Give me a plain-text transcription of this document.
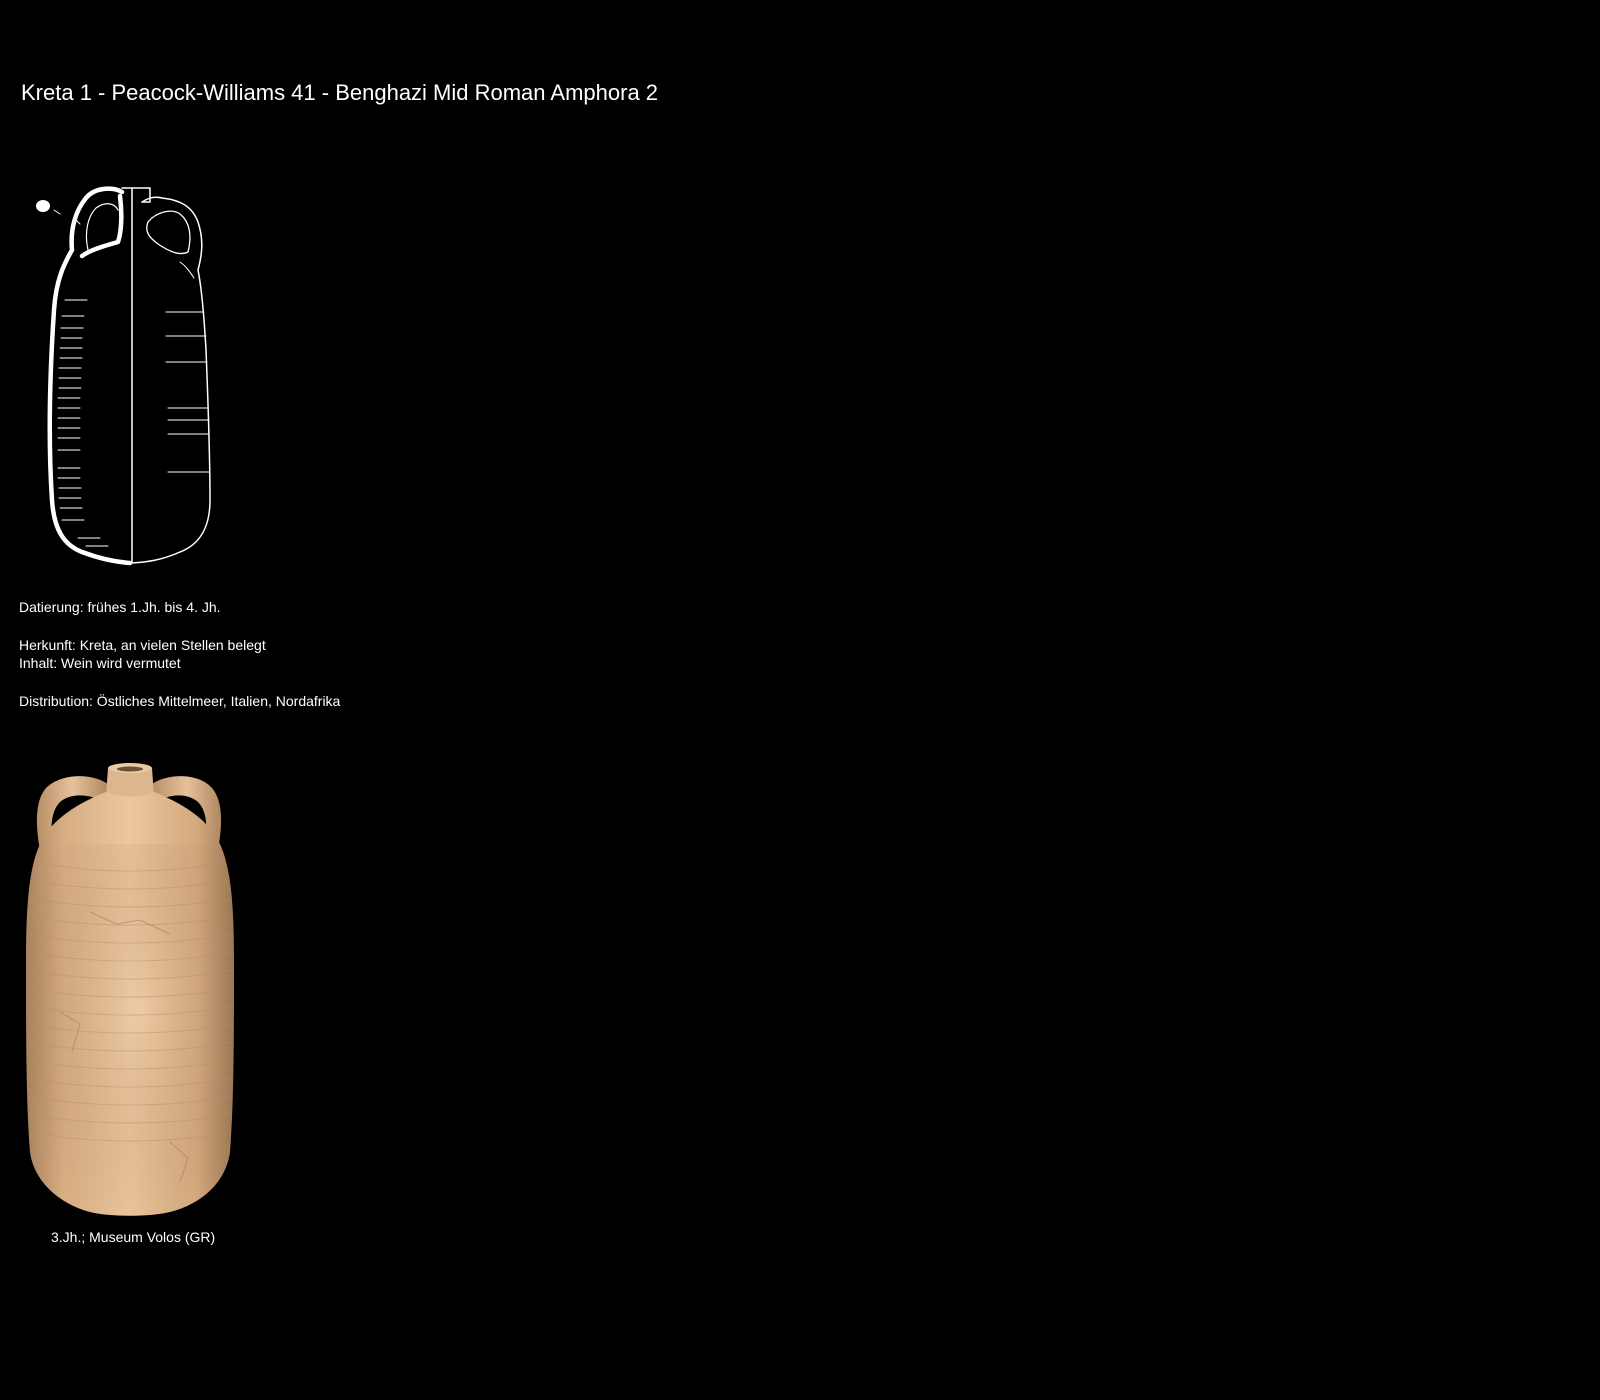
Kreta 1 - Peacock-Williams 41 - Benghazi Mid Roman Amphora 2
Datierung: frühes 1.Jh. bis 4. Jh.
Herkunft: Kreta, an vielen Stellen belegt
Inhalt: Wein wird vermutet
Distribution: Östliches Mittelmeer, Italien, Nordafrika
3.Jh.; Museum Volos (GR)
